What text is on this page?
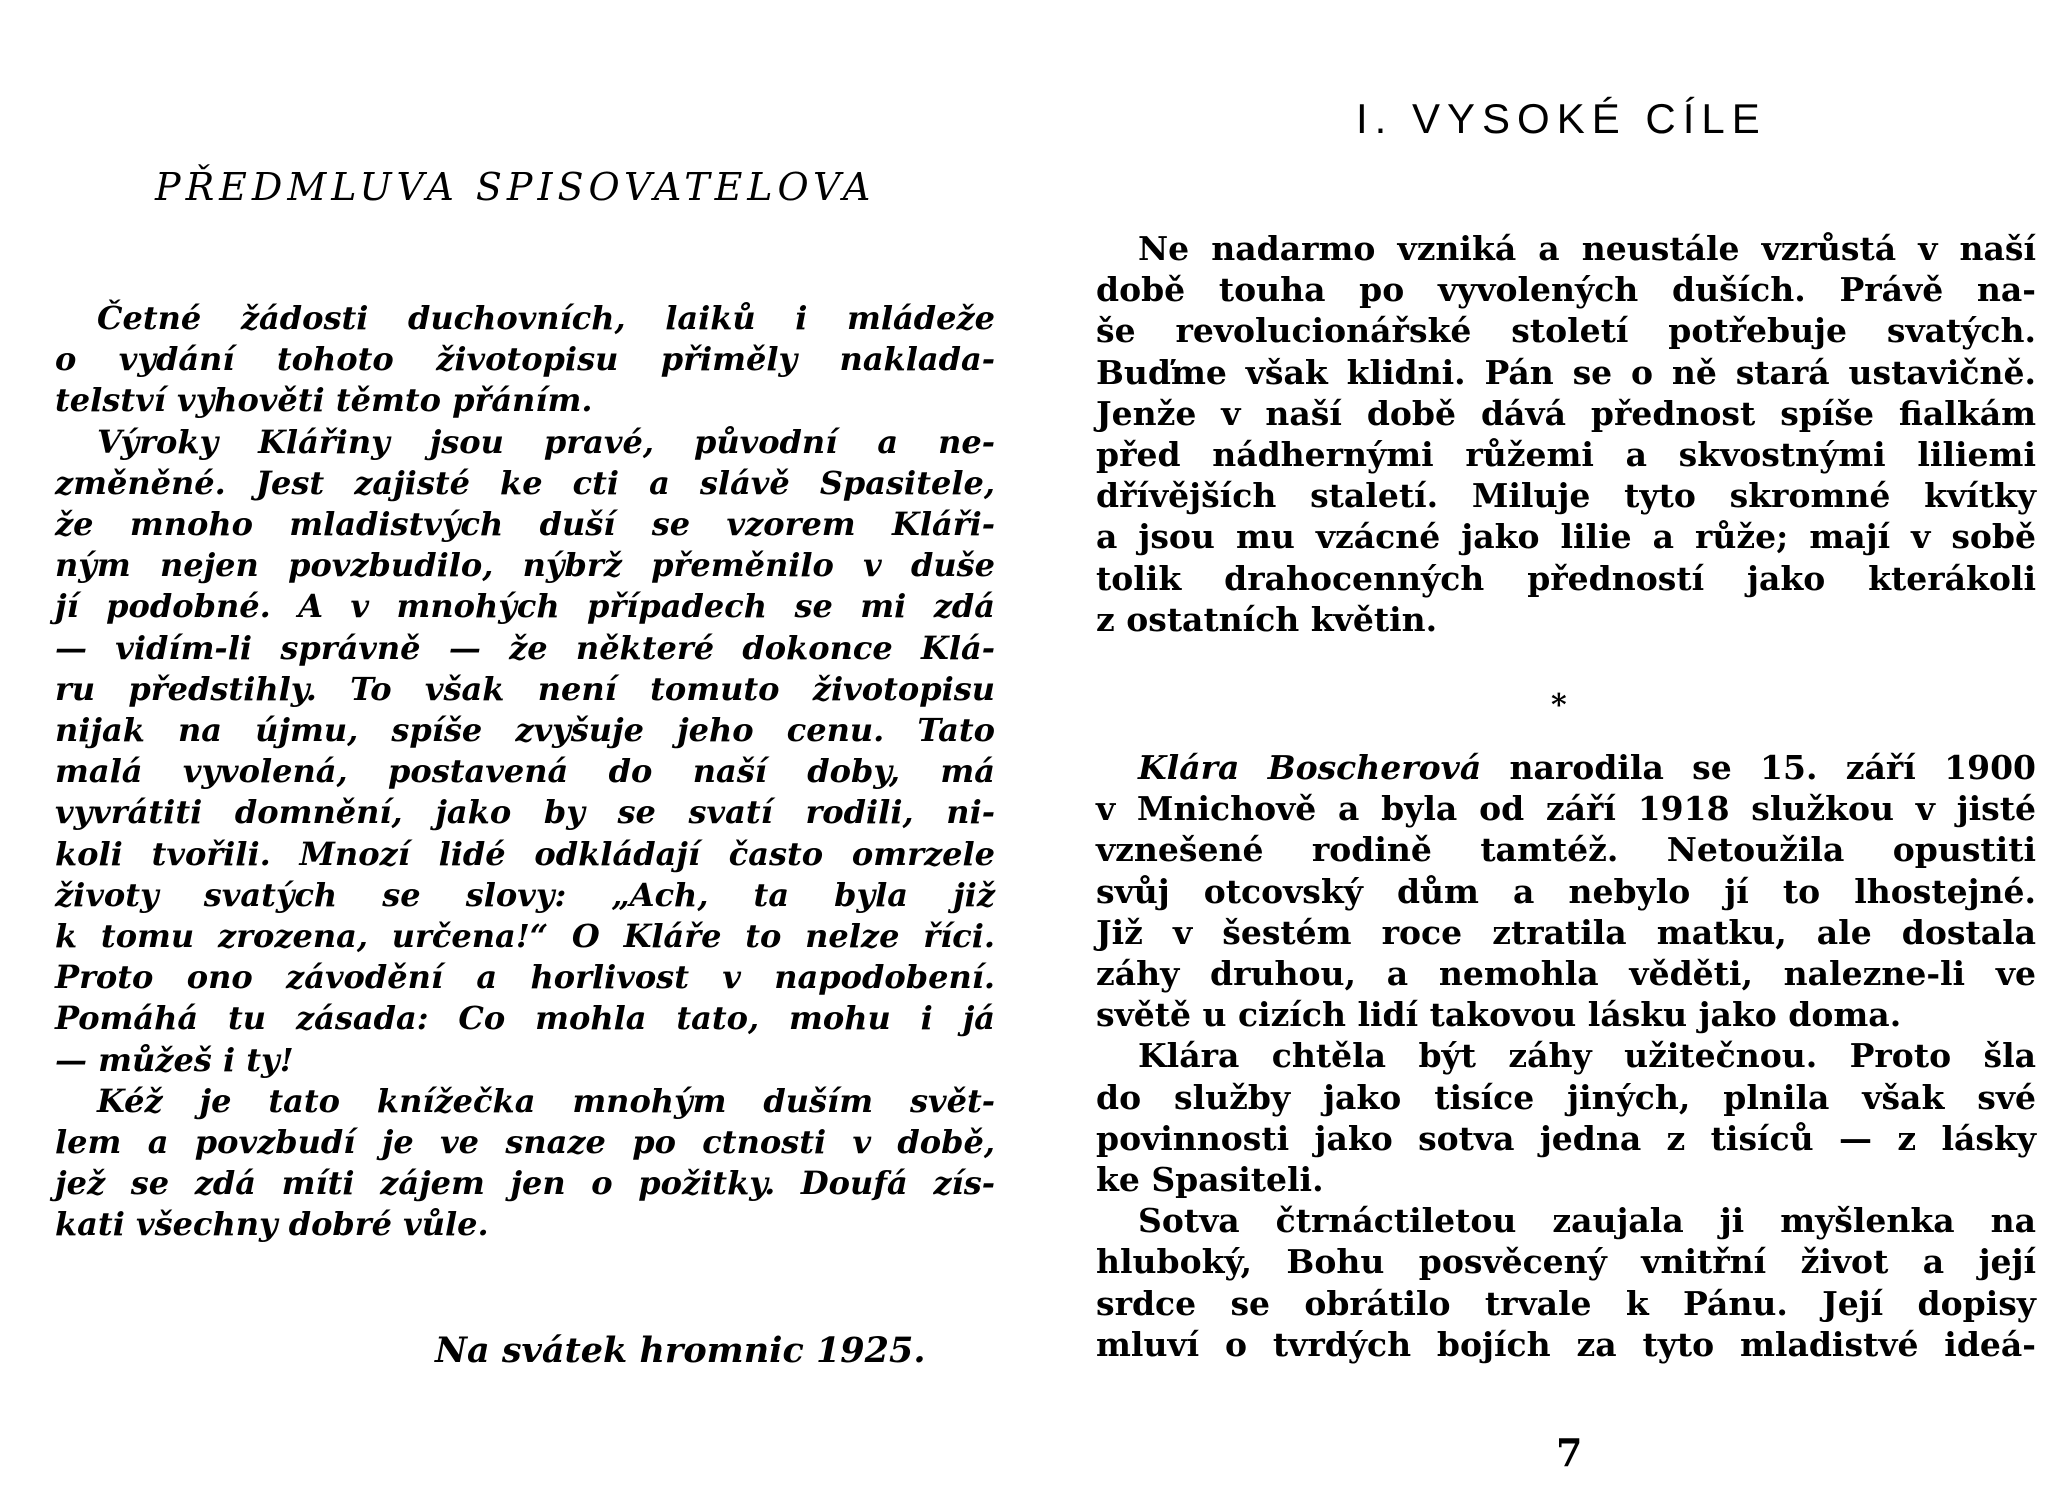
PŘEDMLUVA SPISOVATELOVA
Četné žádosti duchovních, laiků i mládeže
o vydání tohoto životopisu přiměly naklada-
telství vyhověti těmto přáním.
Výroky Klářiny jsou pravé, původní a ne-
změněné. Jest zajisté ke cti a slávě Spasitele,
že mnoho mladistvých duší se vzorem Kláři-
ným nejen povzbudilo, nýbrž přeměnilo v duše
jí podobné. A v mnohých případech se mi zdá
— vidím-li správně — že některé dokonce Klá-
ru předstihly. To však není tomuto životopisu
nijak na újmu, spíše zvyšuje jeho cenu. Tato
malá vyvolená, postavená do naší doby, má
vyvrátiti domnění, jako by se svatí rodili, ni-
koli tvořili. Mnozí lidé odkládají často omrzele
životy svatých se slovy: „Ach, ta byla již
k tomu zrozena, určena!“ O Kláře to nelze říci.
Proto ono závodění a horlivost v napodobení.
Pomáhá tu zásada: Co mohla tato, mohu i já
— můžeš i ty!
Kéž je tato knížečka mnohým duším svět-
lem a povzbudí je ve snaze po ctnosti v době,
jež se zdá míti zájem jen o požitky. Doufá zís-
kati všechny dobré vůle.
Na svátek hromnic 1925.
I. VYSOKÉ CÍLE
Ne nadarmo vzniká a neustále vzrůstá v naší
době touha po vyvolených duších. Právě na-
še revolucionářské století potřebuje svatých.
Buďme však klidni. Pán se o ně stará ustavičně.
Jenže v naší době dává přednost spíše fialkám
před nádhernými růžemi a skvostnými liliemi
dřívějších staletí. Miluje tyto skromné kvítky
a jsou mu vzácné jako lilie a růže; mají v sobě
tolik drahocenných předností jako kterákoli
z ostatních květin.
*
Klára Boscherová narodila se 15. září 1900
v Mnichově a byla od září 1918 služkou v jisté
vznešené rodině tamtéž. Netoužila opustiti
svůj otcovský dům a nebylo jí to lhostejné.
Již v šestém roce ztratila matku, ale dostala
záhy druhou, a nemohla věděti, nalezne-li ve
světě u cizích lidí takovou lásku jako doma.
Klára chtěla být záhy užitečnou. Proto šla
do služby jako tisíce jiných, plnila však své
povinnosti jako sotva jedna z tisíců — z lásky
ke Spasiteli.
Sotva čtrnáctiletou zaujala ji myšlenka na
hluboký, Bohu posvěcený vnitřní život a její
srdce se obrátilo trvale k Pánu. Její dopisy
mluví o tvrdých bojích za tyto mladistvé ideá-
7
